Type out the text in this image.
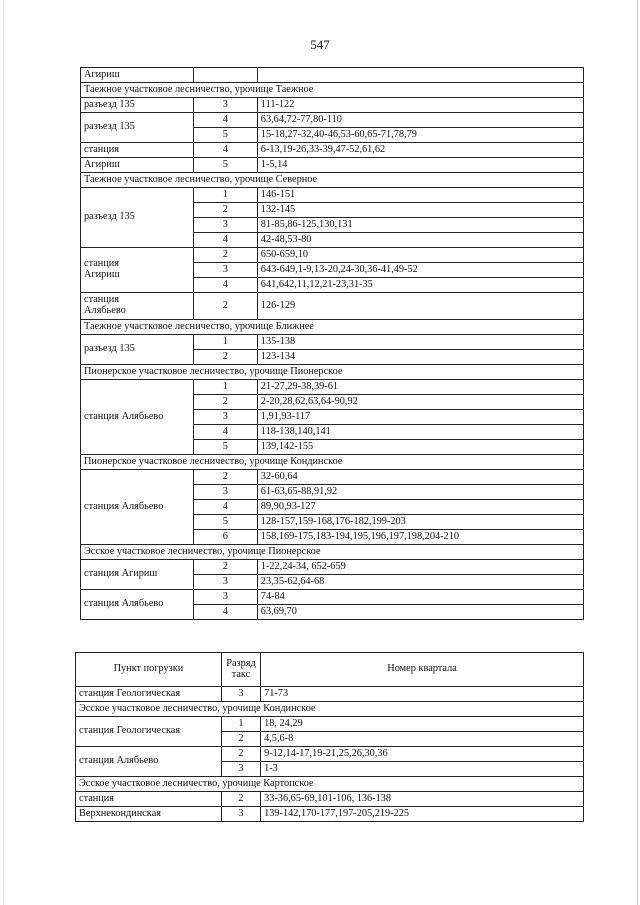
547
Агириш		

Таежное участковое лесничество, урочище Таежное		

разъезд 135	3	111-122

разъезд 135	4	63,64,72-77,80-110
	5	15-18,27-32,40-46,53-60,65-71,78,79

станция	4	6-13,19-26,33-39,47-52,61,62

Агириш	5	1-5,14
Таежное участковое лесничество, урочище Северное		

разъезд 135	1	146-151
	2	132-145
	3	81-85,86-125,130,131
	4	42-48,53-80

станция
Агириш	2	650-659,10
	3	643-649,1-9,13-20,24-30,36-41,49-52
	4	641,642,11,12,21-23,31-35

станция
Алябьево	2	126-129
Таежное участковое лесничество, урочище Ближнее		

разъезд 135	1	135-138
	2	123-134
Пионерское участковое лесничество, урочище Пионерское		

станция Алябьево	1	21-27,29-38,39-61
	2	2-20,28,62,63,64-90,92
	3	1,91,93-117
	4	118-138,140,141
	5	139,142-155
Пионерское участковое лесничество, урочище Кондинское		

станция Алябьево	2	32-60,64
	3	61-63,65-88,91,92
	4	89,90,93-127
	5	128-157,159-168,176-182,199-203
	6	158,169-175,183-194,195,196,197,198,204-210
Эсское участковое лесничество, урочище Пионерское		

станция Агириш	2	1-22,24-34, 652-659
	3	23,35-62,64-68

станция Алябьево	3	74-84
	4	63,69,70
Пункт погрузки	Разряд такс	Номер квартала

станция Геологическая	3	71-73
Эсское участковое лесничество, урочище Кондинское		

станция Геологическая	1	18, 24,29
	2	4,5,6-8

станция Алябьево	2	9-12,14-17,19-21,25,26,30,36
	3	1-3
Эсское участковое лесничество, урочище Картопское		

станция	2	33-36,65-69,101-106, 136-138

Верхнекондинская	3	139-142,170-177,197-205,219-225
